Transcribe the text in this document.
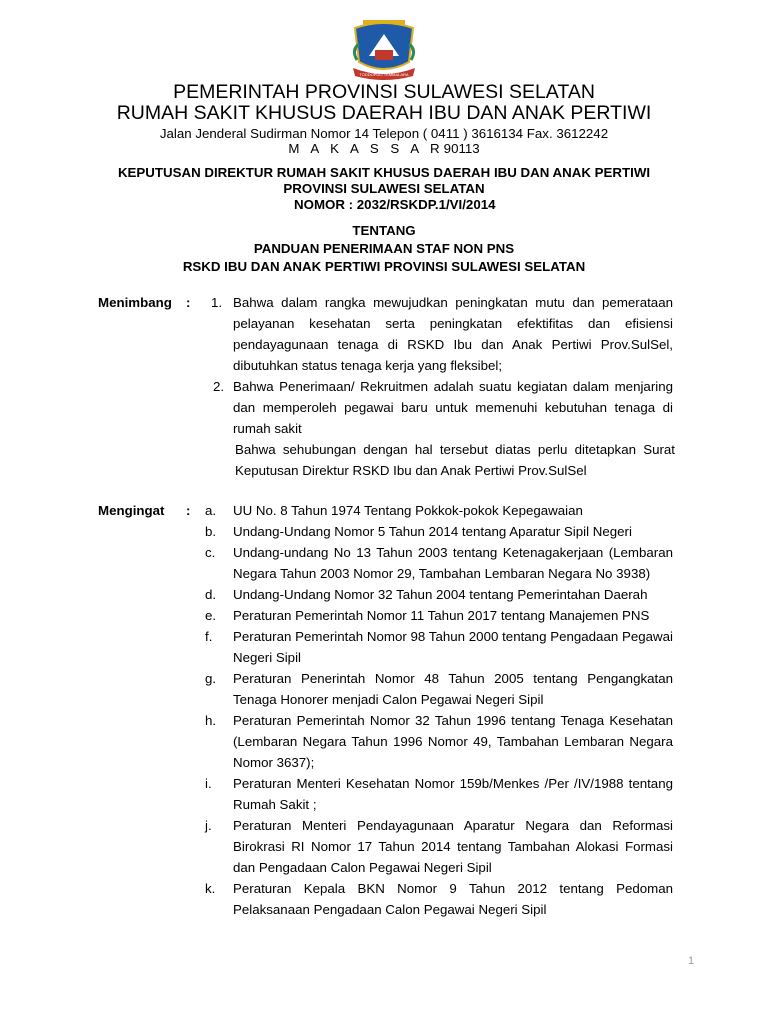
TODDOPULI TEMMALARA
PEMERINTAH PROVINSI SULAWESI SELATAN
RUMAH SAKIT KHUSUS DAERAH IBU DAN ANAK PERTIWI
Jalan Jenderal Sudirman Nomor 14 Telepon ( 0411 ) 3616134 Fax. 3612242
M A K A S S A R90113
KEPUTUSAN DIREKTUR RUMAH SAKIT KHUSUS DAERAH IBU DAN ANAK PERTIWI
PROVINSI SULAWESI SELATAN
NOMOR : 2032/RSKDP.1/VI/2014
TENTANG
PANDUAN PENERIMAAN STAF NON PNS
RSKD IBU DAN ANAK PERTIWI PROVINSI SULAWESI SELATAN
Menimbang : 1. Bahwa dalam rangka mewujudkan peningkatan mutu dan pemerataan pelayanan kesehatan serta peningkatan efektifitas dan efisiensi pendayagunaan tenaga di RSKD Ibu dan Anak Pertiwi Prov.SulSel, dibutuhkan status tenaga kerja yang fleksibel;
2. Bahwa Penerimaan/ Rekruitmen adalah suatu kegiatan dalam menjaring dan memperoleh pegawai baru untuk memenuhi kebutuhan tenaga di rumah sakit
Bahwa sehubungan dengan hal tersebut diatas perlu ditetapkan Surat Keputusan Direktur RSKD Ibu dan Anak Pertiwi Prov.SulSel
Mengingat : a. UU No. 8 Tahun 1974 Tentang Pokkok-pokok Kepegawaian
b. Undang-Undang Nomor 5 Tahun 2014 tentang Aparatur Sipil Negeri
c. Undang-undang No 13 Tahun 2003 tentang Ketenagakerjaan (Lembaran Negara Tahun 2003 Nomor 29, Tambahan Lembaran Negara No 3938)
d. Undang-Undang Nomor 32 Tahun 2004 tentang Pemerintahan Daerah
e. Peraturan Pemerintah Nomor 11 Tahun 2017 tentang Manajemen PNS
f. Peraturan Pemerintah Nomor 98 Tahun 2000 tentang Pengadaan Pegawai Negeri Sipil
g. Peraturan Penerintah Nomor 48 Tahun 2005 tentang Pengangkatan Tenaga Honorer menjadi Calon Pegawai Negeri Sipil
h. Peraturan Pemerintah Nomor 32 Tahun 1996 tentang Tenaga Kesehatan (Lembaran Negara Tahun 1996 Nomor 49, Tambahan Lembaran Negara Nomor 3637);
i. Peraturan Menteri Kesehatan Nomor 159b/Menkes /Per /IV/1988 tentang Rumah Sakit ;
j. Peraturan Menteri Pendayagunaan Aparatur Negara dan Reformasi Birokrasi RI Nomor 17 Tahun 2014 tentang Tambahan Alokasi Formasi dan Pengadaan Calon Pegawai Negeri Sipil
k. Peraturan Kepala BKN Nomor 9 Tahun 2012 tentang Pedoman Pelaksanaan Pengadaan Calon Pegawai Negeri Sipil
1
